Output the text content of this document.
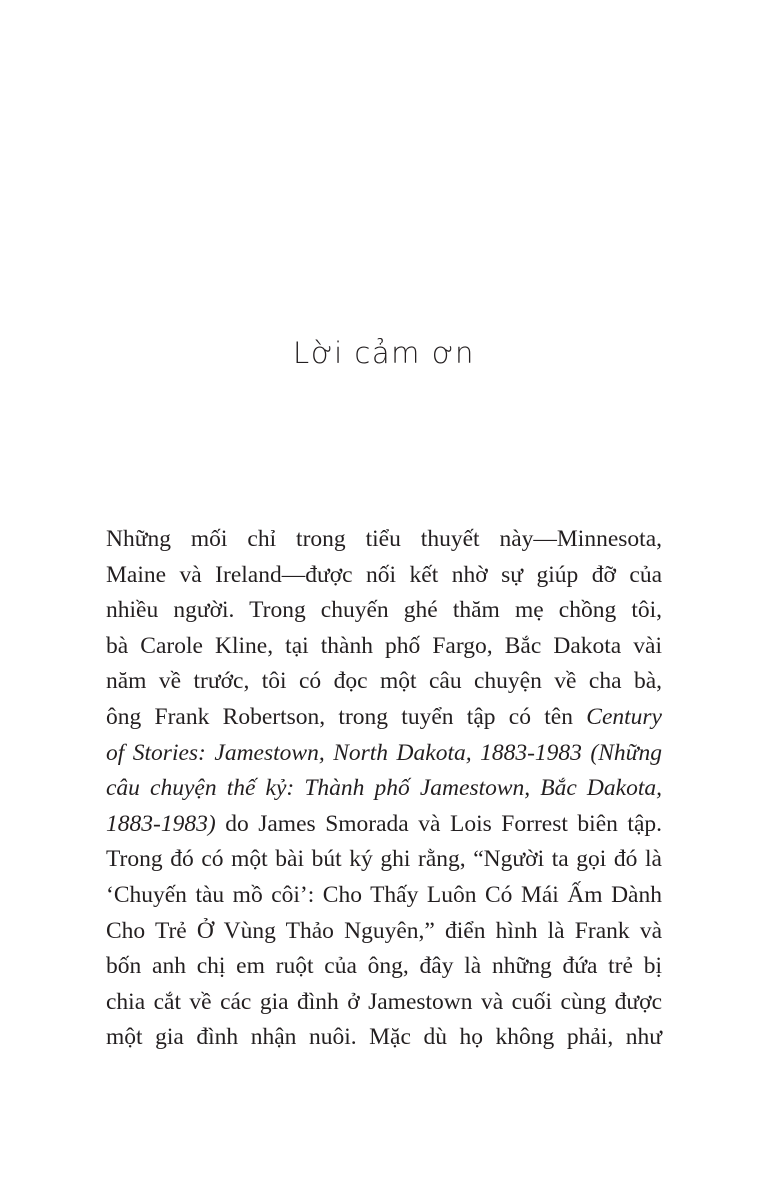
Lời cảm ơn
Những mối chỉ trong tiểu thuyết này—Minnesota,
Maine và Ireland—được nối kết nhờ sự giúp đỡ của
nhiều người. Trong chuyến ghé thăm mẹ chồng tôi,
bà Carole Kline, tại thành phố Fargo, Bắc Dakota vài
năm về trước, tôi có đọc một câu chuyện về cha bà,
ông Frank Robertson, trong tuyển tập có tên Century
of Stories: Jamestown, North Dakota, 1883-1983 (Những
câu chuyện thế kỷ: Thành phố Jamestown, Bắc Dakota,
1883-1983) do James Smorada và Lois Forrest biên tập.
Trong đó có một bài bút ký ghi rằng, “Người ta gọi đó là
‘Chuyến tàu mồ côi’: Cho Thấy Luôn Có Mái Ấm Dành
Cho Trẻ Ở Vùng Thảo Nguyên,” điển hình là Frank và
bốn anh chị em ruột của ông, đây là những đứa trẻ bị
chia cắt về các gia đình ở Jamestown và cuối cùng được
một gia đình nhận nuôi. Mặc dù họ không phải, như
